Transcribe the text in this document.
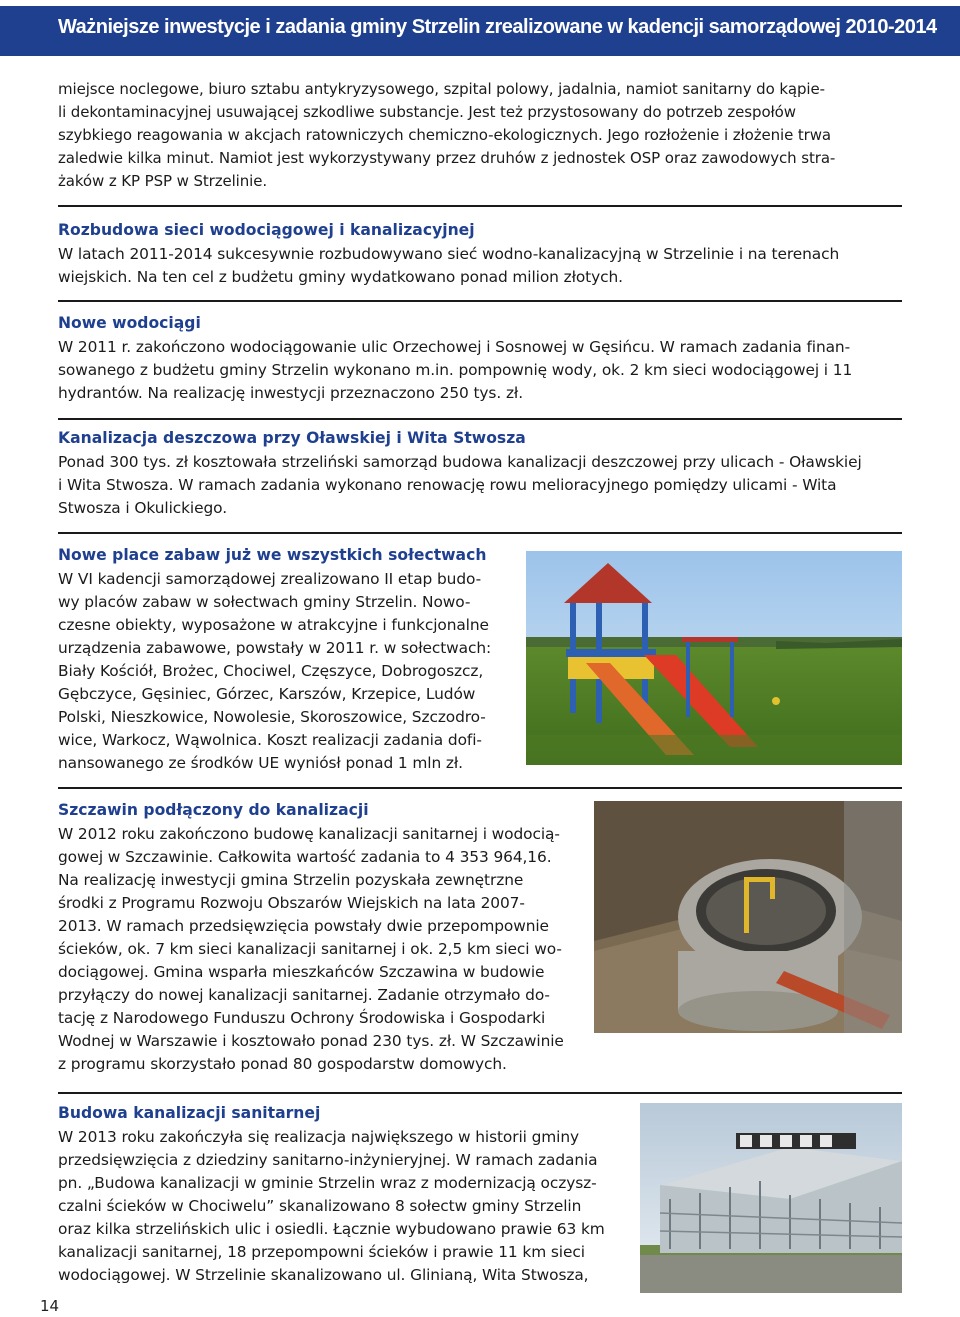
Ważniejsze inwestycje i zadania gminy Strzelin zrealizowane w kadencji samorządowej 2010-2014

miejsce noclegowe, biuro sztabu antykryzysowego, szpital polowy, jadalnia, namiot sanitarny do kąpie-

li dekontaminacyjnej usuwającej szkodliwe substancje. Jest też przystosowany do potrzeb zespołów

szybkiego reagowania w akcjach ratowniczych chemiczno-ekologicznych. Jego rozłożenie i złożenie trwa

zaledwie kilka minut. Namiot jest wykorzystywany przez druhów z jednostek OSP oraz zawodowych stra-

żaków z KP PSP w Strzelinie.

Rozbudowa sieci wodociągowej i kanalizacyjnej

W latach 2011-2014 sukcesywnie rozbudowywano sieć wodno-kanalizacyjną w Strzelinie i na terenach

wiejskich. Na ten cel z budżetu gminy wydatkowano ponad milion złotych.

Nowe wodociągi

W 2011 r. zakończono wodociągowanie ulic Orzechowej i Sosnowej w Gęsińcu. W ramach zadania finan-

sowanego z budżetu gminy Strzelin wykonano m.in. pompownię wody, ok. 2 km sieci wodociągowej i 11

hydrantów. Na realizację inwestycji przeznaczono 250 tys. zł.

Kanalizacja deszczowa przy Oławskiej i Wita Stwosza

Ponad 300 tys. zł kosztowała strzeliński samorząd budowa kanalizacji deszczowej przy ulicach - Oławskiej

i Wita Stwosza. W ramach zadania wykonano renowację rowu melioracyjnego pomiędzy ulicami - Wita

Stwosza i Okulickiego.

Nowe place zabaw już we wszystkich sołectwach

W VI kadencji samorządowej zrealizowano II etap budo-

wy placów zabaw w sołectwach gminy Strzelin. Nowo-

czesne obiekty, wyposażone w atrakcyjne i funkcjonalne

urządzenia zabawowe, powstały w 2011 r. w sołectwach:

Biały Kościół, Brożec, Chociwel, Częszyce, Dobrogoszcz,

Gębczyce, Gęsiniec, Górzec, Karszów, Krzepice, Ludów

Polski, Nieszkowice, Nowolesie, Skoroszowice, Szczodro-

wice, Warkocz, Wąwolnica. Koszt realizacji zadania dofi-

nansowanego ze środków UE wyniósł ponad 1 mln zł.

Szczawin podłączony do kanalizacji

W 2012 roku zakończono budowę kanalizacji sanitarnej i wodocią-

gowej w Szczawinie. Całkowita wartość zadania to 4 353 964,16.

Na realizację inwestycji gmina Strzelin pozyskała zewnętrzne

środki z Programu Rozwoju Obszarów Wiejskich na lata 2007-

2013. W ramach przedsięwzięcia powstały dwie przepompownie

ścieków, ok. 7 km sieci kanalizacji sanitarnej i ok. 2,5 km sieci wo-

dociągowej. Gmina wsparła mieszkańców Szczawina w budowie

przyłączy do nowej kanalizacji sanitarnej. Zadanie otrzymało do-

tację z Narodowego Funduszu Ochrony Środowiska i Gospodarki

Wodnej w Warszawie i kosztowało ponad 230 tys. zł. W Szczawinie

z programu skorzystało ponad 80 gospodarstw domowych.

Budowa kanalizacji sanitarnej

W 2013 roku zakończyła się realizacja największego w historii gminy

przedsięwzięcia z dziedziny sanitarno-inżynieryjnej. W ramach zadania

pn. „Budowa kanalizacji w gminie Strzelin wraz z modernizacją oczysz-

czalni ścieków w Chociwelu” skanalizowano 8 sołectw gminy Strzelin

oraz kilka strzelińskich ulic i osiedli. Łącznie wybudowano prawie 63 km

kanalizacji sanitarnej, 18 przepompowni ścieków i prawie 11 km sieci

wodociągowej. W Strzelinie skanalizowano ul. Glinianą, Wita Stwosza,

14
